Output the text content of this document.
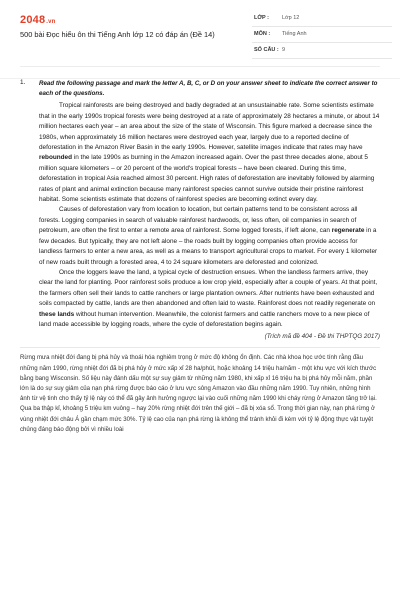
2048.vn
500 bài Đọc hiểu ôn thi Tiếng Anh lớp 12 có đáp án (Đề 14)
LỚP : Lớp 12
MÔN : Tiếng Anh
SỐ CÂU : 9
1. Read the following passage and mark the letter A, B, C, or D on your answer sheet to indicate the correct answer to each of the questions.

Tropical rainforests are being destroyed and badly degraded at an unsustainable rate. Some scientists estimate that in the early 1990s tropical forests were being destroyed at a rate of approximately 28 hectares a minute, or about 14 million hectares each year – an area about the size of the state of Wisconsin. This figure marked a decrease since the 1980s, when approximately 16 million hectares were destroyed each year, largely due to a reported decline of deforestation in the Amazon River Basin in the early 1990s. However, satellite images indicate that rates may have rebounded in the late 1990s as burning in the Amazon increased again. Over the past three decades alone, about 5 million square kilometers – or 20 percent of the world's tropical forests – have been cleared. During this time, deforestation in tropical Asia reached almost 30 percent. High rates of deforestation are inevitably followed by alarming rates of plant and animal extinction because many rainforest species cannot survive outside their pristine rainforest habitat. Some scientists estimate that dozens of rainforest species are becoming extinct every day.

Causes of deforestation vary from location to location, but certain patterns tend to be consistent across all forests. Logging companies in search of valuable rainforest hardwoods, or, less often, oil companies in search of petroleum, are often the first to enter a remote area of rainforest. Some logged forests, if left alone, can regenerate in a few decades. But typically, they are not left alone – the roads built by logging companies often provide access for landless farmers to enter a new area, as well as a means to transport agricultural crops to market. For every 1 kilometer of new roads built through a forested area, 4 to 24 square kilometers are deforested and colonized.

Once the loggers leave the land, a typical cycle of destruction ensues. When the landless farmers arrive, they clear the land for planting. Poor rainforest soils produce a low crop yield, especially after a couple of years. At that point, the farmers often sell their lands to cattle ranchers or large plantation owners. After nutrients have been exhausted and soils compacted by cattle, lands are then abandoned and often laid to waste. Rainforest does not readily regenerate on these lands without human intervention. Meanwhile, the colonist farmers and cattle ranchers move to a new piece of land made accessible by logging roads, where the cycle of deforestation begins again.

(Trích mã đề 404 - Đề thi THPTQG 2017)

Rừng mưa nhiệt đới đang bị phá hủy và thoái hóa nghiêm trọng ở mức độ không ổn định. Các nhà khoa học ước tính rằng đầu những năm 1990, rừng nhiệt đới đã bị phá hủy ở mức xấp xỉ 28 ha/phút, hoặc khoảng 14 triệu ha/năm - một khu vực với kích thước bằng bang Wisconsin. Số liệu này đánh dấu một sự suy giảm từ những năm 1980, khi xấp xỉ 16 triệu ha bị phá hủy mỗi năm, phần lớn là do sự suy giảm của nạn phá rừng được báo cáo ở lưu vực sông Amazon vào đầu những năm 1990. Tuy nhiên, những hình ảnh từ vệ tinh cho thấy tỷ lệ này có thể đã gây ảnh hưởng ngược lại vào cuối những năm 1990 khi cháy rừng ở Amazon tăng trở lại. Qua ba thập kỉ, khoảng 5 triệu km vuông – hay 20% rừng nhiệt đới trên thế giới – đã bị xóa sổ. Trong thời gian này, nạn phá rừng ở vùng nhiệt đới châu Á gần chạm mức 30%. Tỷ lệ cao của nạn phá rừng là không thể tránh khỏi đi kèm với tỷ lệ động thực vật tuyệt chủng đáng báo động bởi vì nhiều loài
